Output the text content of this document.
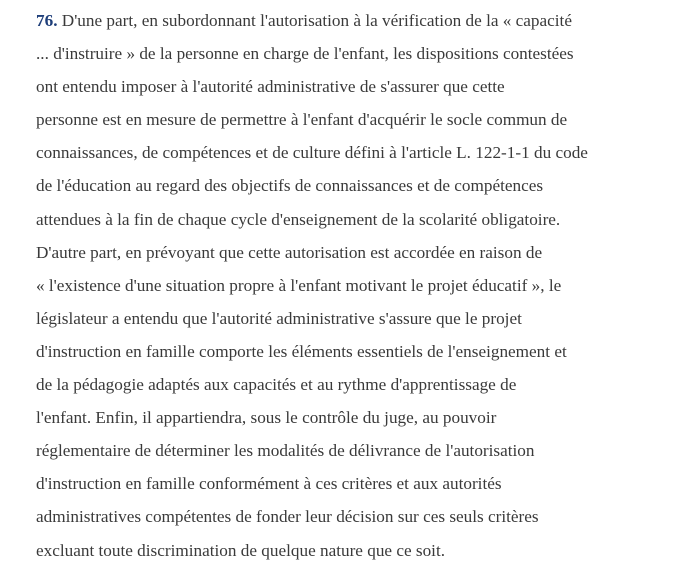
76. D'une part, en subordonnant l'autorisation à la vérification de la « capacité
... d'instruire » de la personne en charge de l'enfant, les dispositions contestées
ont entendu imposer à l'autorité administrative de s'assurer que cette
personne est en mesure de permettre à l'enfant d'acquérir le socle commun de
connaissances, de compétences et de culture défini à l'article L. 122-1-1 du code
de l'éducation au regard des objectifs de connaissances et de compétences
attendues à la fin de chaque cycle d'enseignement de la scolarité obligatoire.
D'autre part, en prévoyant que cette autorisation est accordée en raison de
« l'existence d'une situation propre à l'enfant motivant le projet éducatif », le
législateur a entendu que l'autorité administrative s'assure que le projet
d'instruction en famille comporte les éléments essentiels de l'enseignement et
de la pédagogie adaptés aux capacités et au rythme d'apprentissage de
l'enfant. Enfin, il appartiendra, sous le contrôle du juge, au pouvoir
réglementaire de déterminer les modalités de délivrance de l'autorisation
d'instruction en famille conformément à ces critères et aux autorités
administratives compétentes de fonder leur décision sur ces seuls critères
excluant toute discrimination de quelque nature que ce soit.
